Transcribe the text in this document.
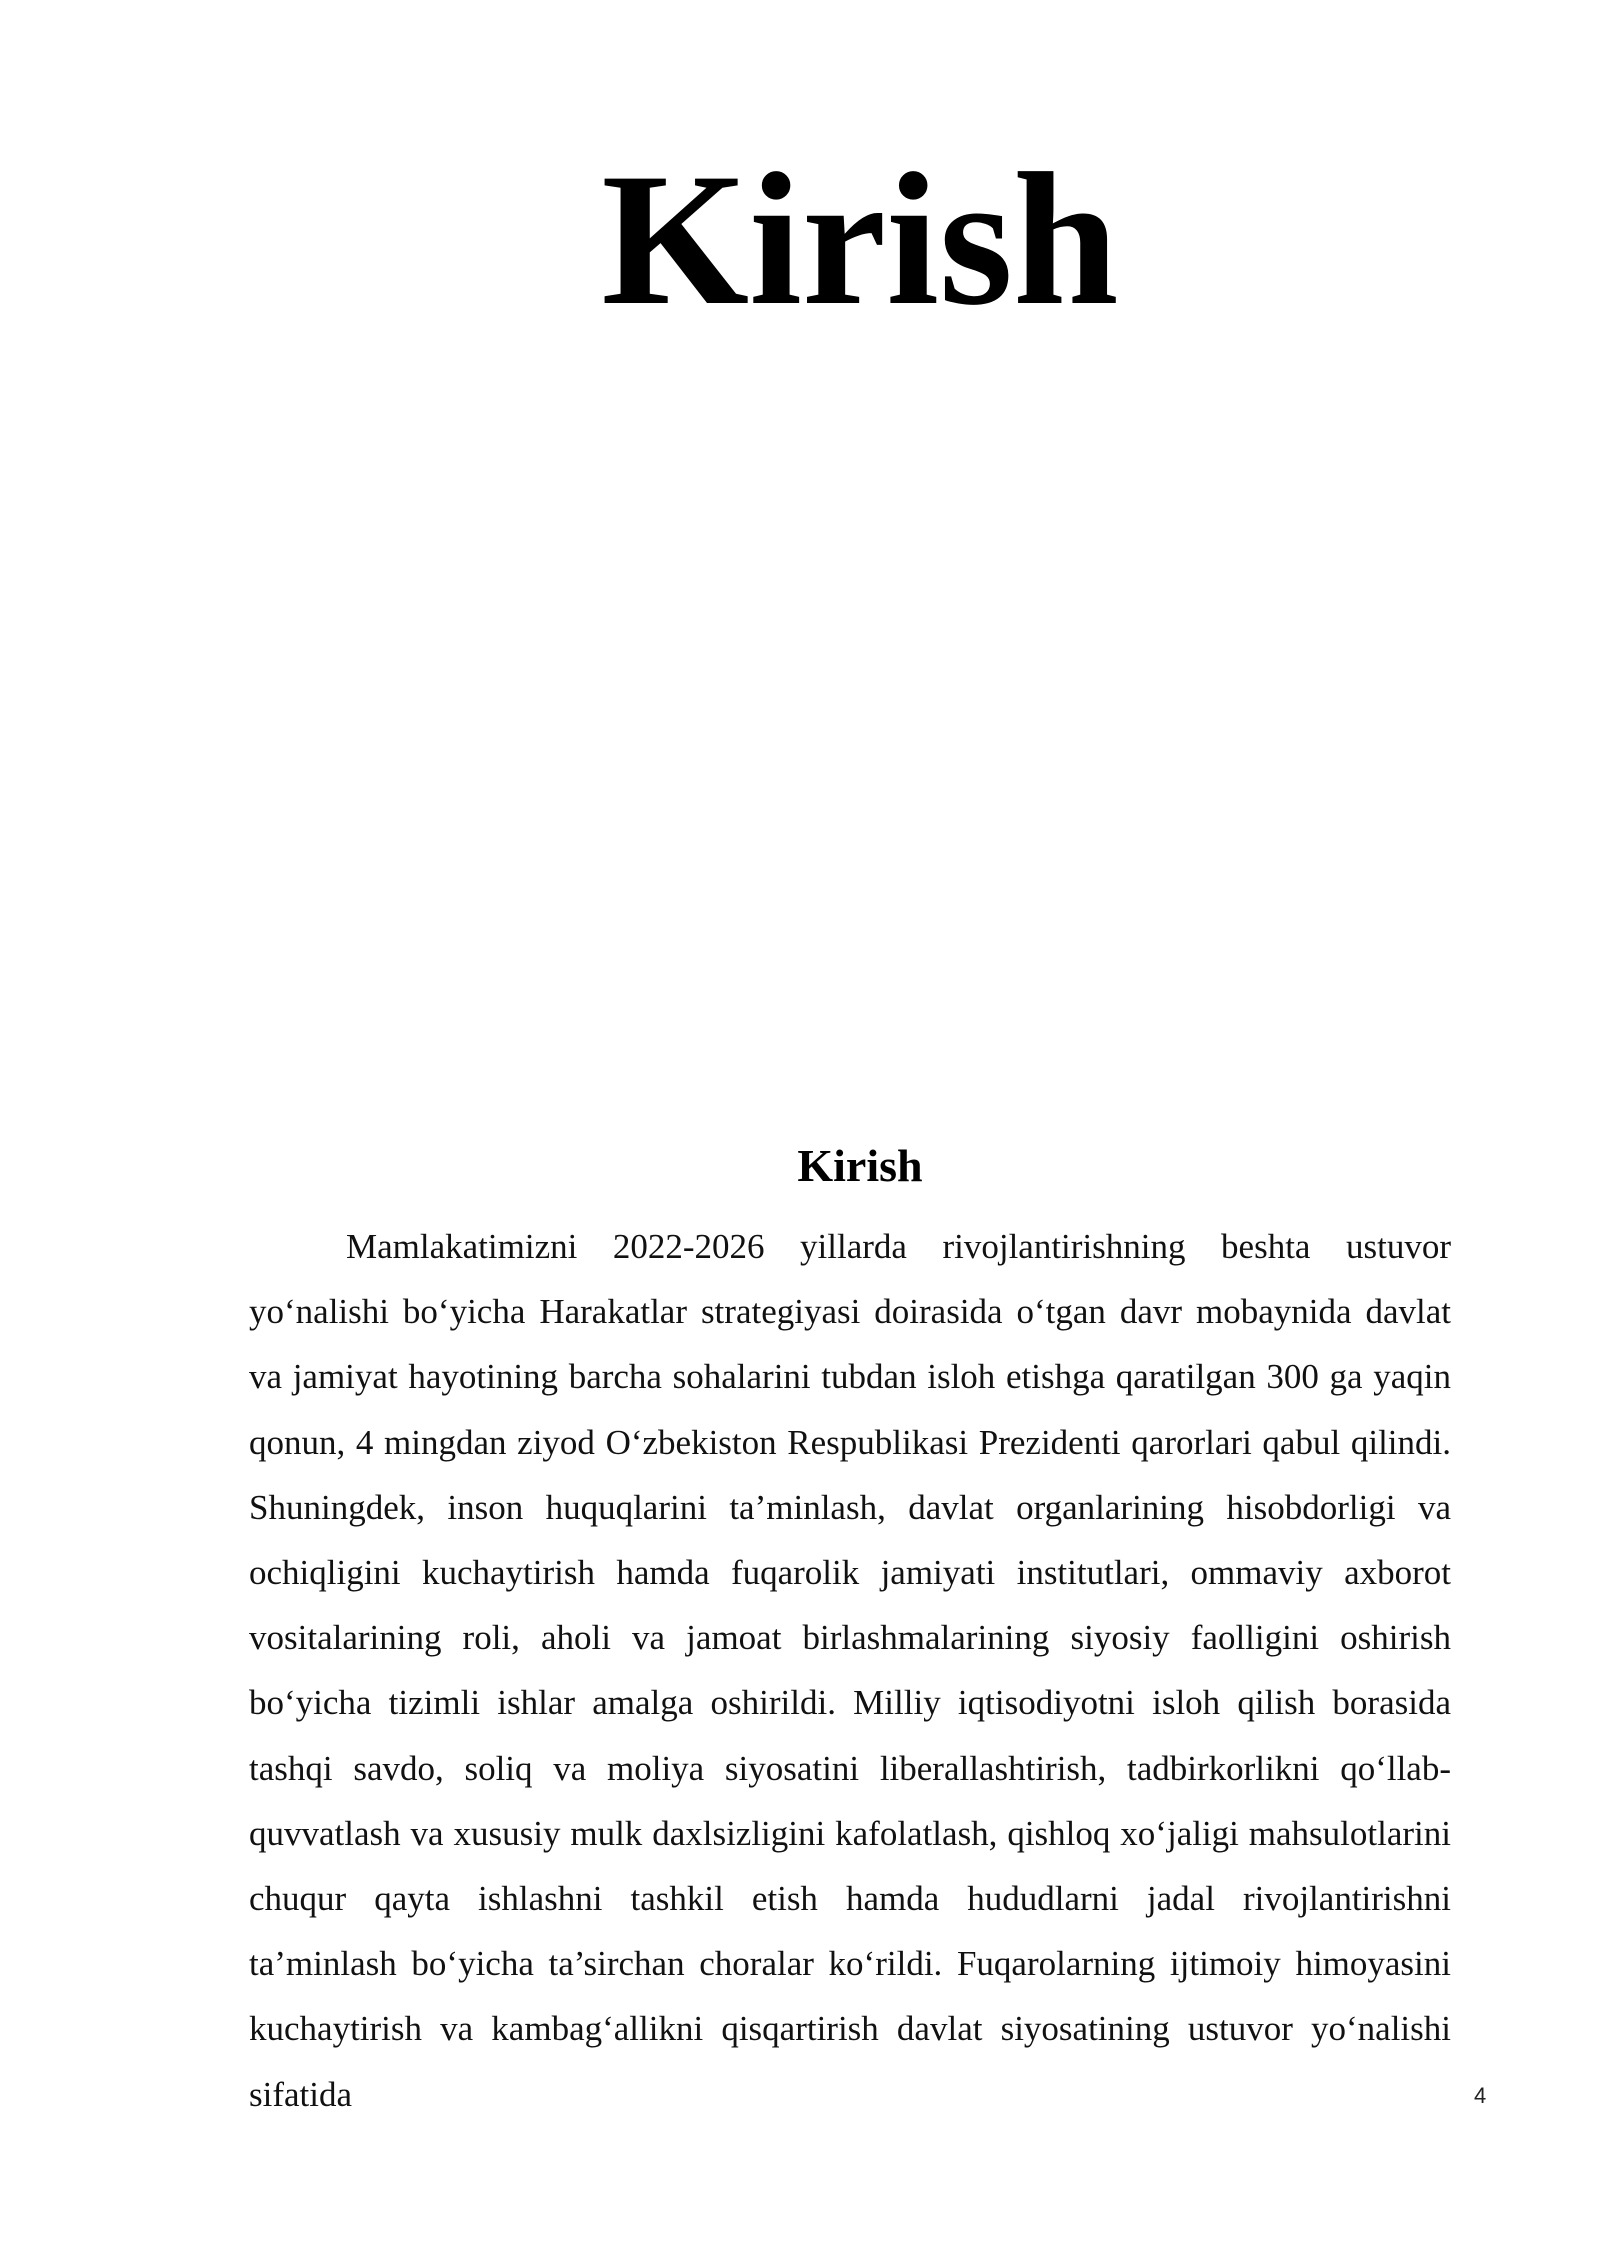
Kirish
Kirish

Mamlakatimizni 2022-2026 yillarda rivojlantirishning beshta ustuvor yo‘nalishi bo‘yicha Harakatlar strategiyasi doirasida o‘tgan davr mobaynida davlat va jamiyat hayotining barcha sohalarini tubdan isloh etishga qaratilgan 300 ga yaqin qonun, 4 mingdan ziyod O‘zbekiston Respublikasi Prezidenti qarorlari qabul qilindi. Shuningdek, inson huquqlarini ta’minlash, davlat organlarining hisobdorligi va ochiqligini kuchaytirish hamda fuqarolik jamiyati institutlari, ommaviy axborot vositalarining roli, aholi va jamoat birlashmalarining siyosiy faolligini oshirish bo‘yicha tizimli ishlar amalga oshirildi. Milliy iqtisodiyotni isloh qilish borasida tashqi savdo, soliq va moliya siyosatini liberallashtirish, tadbirkorlikni qo‘llab-quvvatlash va xususiy mulk daxlsizligini kafolatlash, qishloq xo‘jaligi mahsulotlarini chuqur qayta ishlashni tashkil etish hamda hududlarni jadal rivojlantirishni ta’minlash bo‘yicha ta’sirchan choralar ko‘rildi. Fuqarolarning ijtimoiy himoyasini kuchaytirish va kambag‘allikni qisqartirish davlat siyosatining ustuvor yo‘nalishi sifatida	4
